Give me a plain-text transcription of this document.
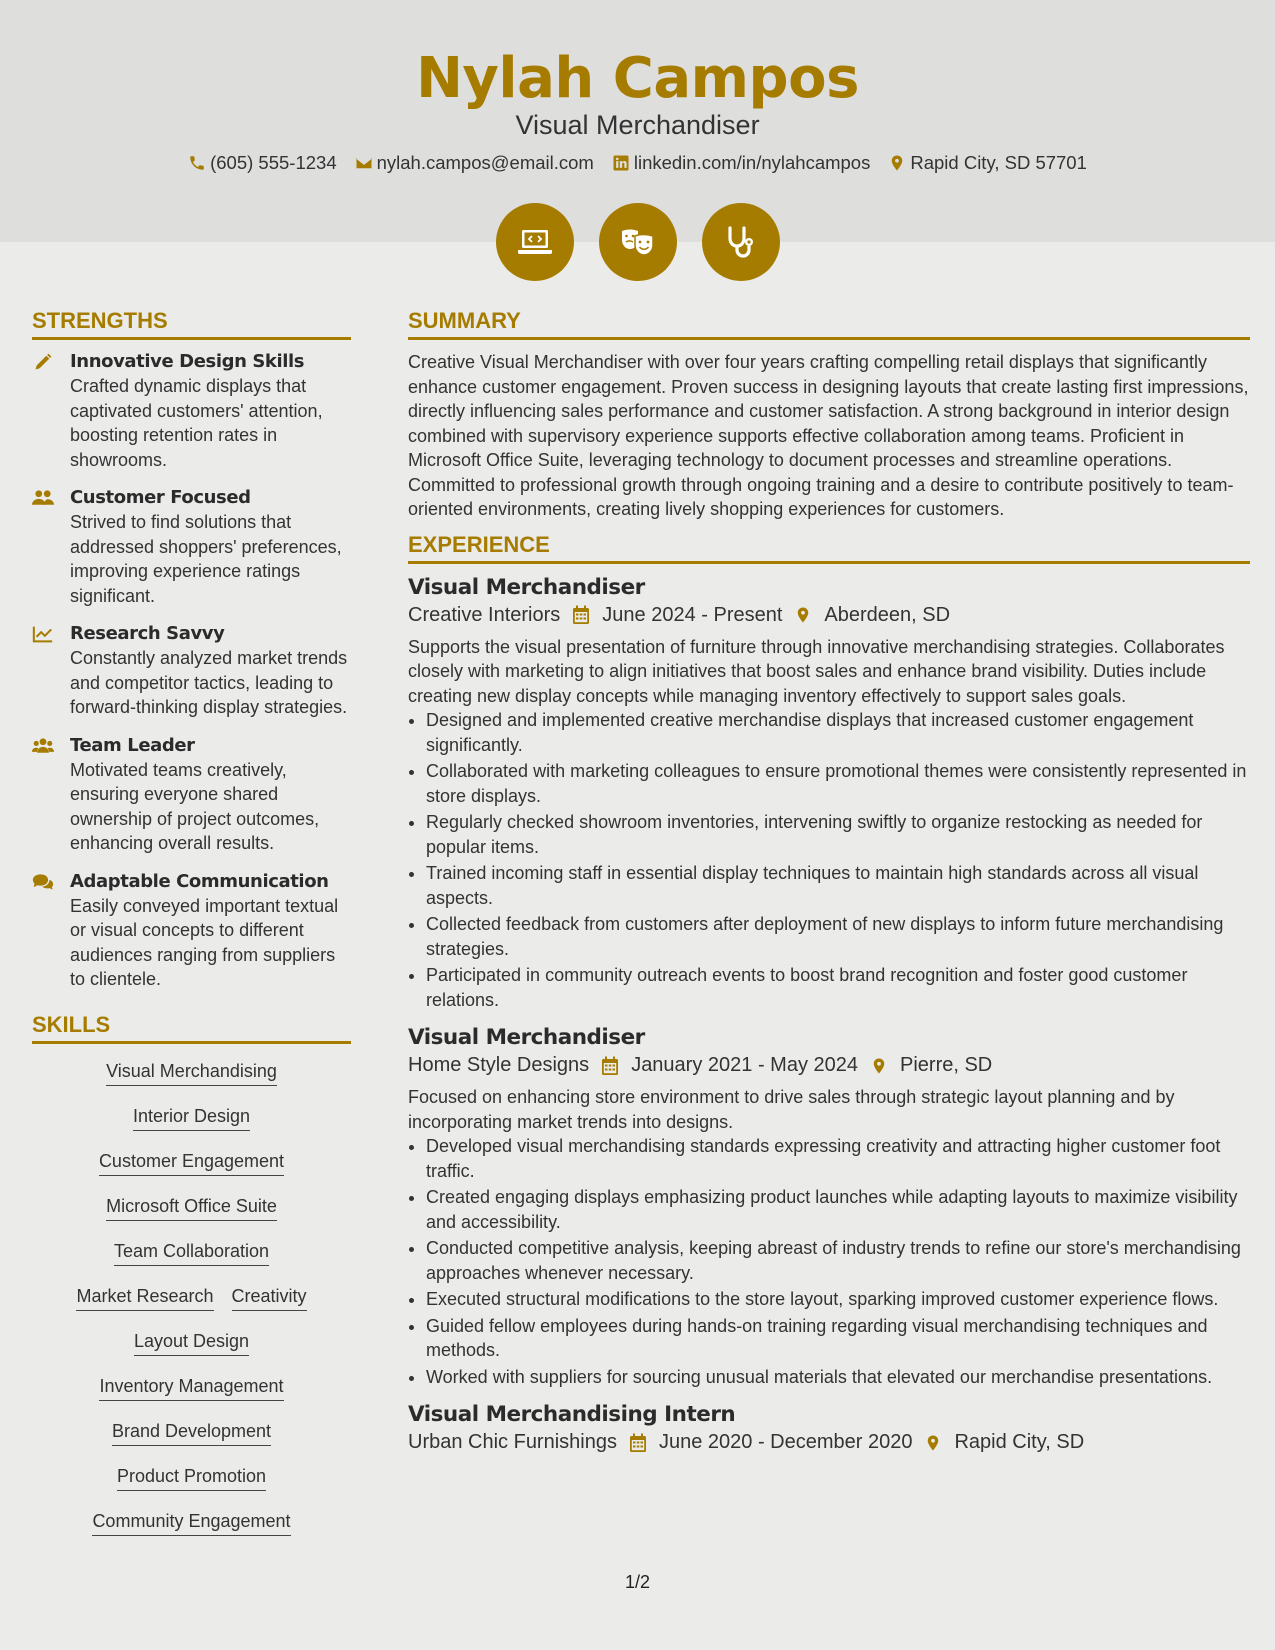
Nylah Campos
Visual Merchandiser
(605) 555-1234 nylah.campos@email.com linkedin.com/in/nylahcampos Rapid City, SD 57701
STRENGTHS
Innovative Design Skills

Crafted dynamic displays that captivated customers' attention, boosting retention rates in showrooms.

Customer Focused

Strived to find solutions that addressed shoppers' preferences, improving experience ratings significant.

Research Savvy

Constantly analyzed market trends and competitor tactics, leading to forward-thinking display strategies.

Team Leader

Motivated teams creatively, ensuring everyone shared ownership of project outcomes, enhancing overall results.

Adaptable Communication

Easily conveyed important textual or visual concepts to different audiences ranging from suppliers to clientele.

SKILLS
Visual Merchandising
Interior Design
Customer Engagement
Microsoft Office Suite
Team Collaboration
Market Research Creativity
Layout Design
Inventory Management
Brand Development
Product Promotion
Community Engagement
SUMMARY

Creative Visual Merchandiser with over four years crafting compelling retail displays that significantly enhance customer engagement. Proven success in designing layouts that create lasting first impressions, directly influencing sales performance and customer satisfaction. A strong background in interior design combined with supervisory experience supports effective collaboration among teams. Proficient in Microsoft Office Suite, leveraging technology to document processes and streamline operations. Committed to professional growth through ongoing training and a desire to contribute positively to team-oriented environments, creating lively shopping experiences for customers.

EXPERIENCE
Visual Merchandiser
Creative Interiors June 2024 - Present Aberdeen, SD

Supports the visual presentation of furniture through innovative merchandising strategies. Collaborates closely with marketing to align initiatives that boost sales and enhance brand visibility. Duties include creating new display concepts while managing inventory effectively to support sales goals.

• Designed and implemented creative merchandise displays that increased customer engagement significantly.
• Collaborated with marketing colleagues to ensure promotional themes were consistently represented in store displays.
• Regularly checked showroom inventories, intervening swiftly to organize restocking as needed for popular items.
• Trained incoming staff in essential display techniques to maintain high standards across all visual aspects.
• Collected feedback from customers after deployment of new displays to inform future merchandising strategies.
• Participated in community outreach events to boost brand recognition and foster good customer relations.
Visual Merchandiser
Home Style Designs January 2021 - May 2024 Pierre, SD

Focused on enhancing store environment to drive sales through strategic layout planning and by incorporating market trends into designs.

• Developed visual merchandising standards expressing creativity and attracting higher customer foot traffic.
• Created engaging displays emphasizing product launches while adapting layouts to maximize visibility and accessibility.
• Conducted competitive analysis, keeping abreast of industry trends to refine our store's merchandising approaches whenever necessary.
• Executed structural modifications to the store layout, sparking improved customer experience flows.
• Guided fellow employees during hands-on training regarding visual merchandising techniques and methods.
• Worked with suppliers for sourcing unusual materials that elevated our merchandise presentations.
Visual Merchandising Intern
Urban Chic Furnishings June 2020 - December 2020 Rapid City, SD
1/2
